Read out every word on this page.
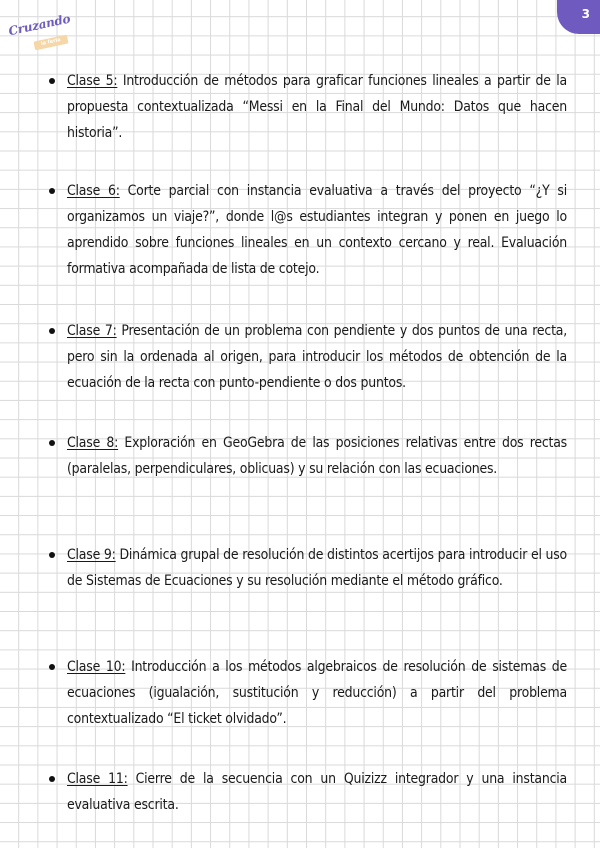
Cruzando
la feria
3
Clase 5: Introducción de métodos para graficar funciones lineales a partir de la propuesta contextualizada “Messi en la Final del Mundo: Datos que hacen historia”.
Clase 6: Corte parcial con instancia evaluativa a través del proyecto “¿Y si organizamos un viaje?”, donde l@s estudiantes integran y ponen en juego lo aprendido sobre funciones lineales en un contexto cercano y real. Evaluación formativa acompañada de lista de cotejo.
Clase 7: Presentación de un problema con pendiente y dos puntos de una recta, pero sin la ordenada al origen, para introducir los métodos de obtención de la ecuación de la recta con punto-pendiente o dos puntos.
Clase 8: Exploración en GeoGebra de las posiciones relativas entre dos rectas (paralelas, perpendiculares, oblicuas) y su relación con las ecuaciones.
Clase 9: Dinámica grupal de resolución de distintos acertijos para introducir el uso de Sistemas de Ecuaciones y su resolución mediante el método gráfico.
Clase 10: Introducción a los métodos algebraicos de resolución de sistemas de ecuaciones (igualación, sustitución y reducción) a partir del problema contextualizado “El ticket olvidado”.
Clase 11: Cierre de la secuencia con un Quizizz integrador y una instancia evaluativa escrita.
